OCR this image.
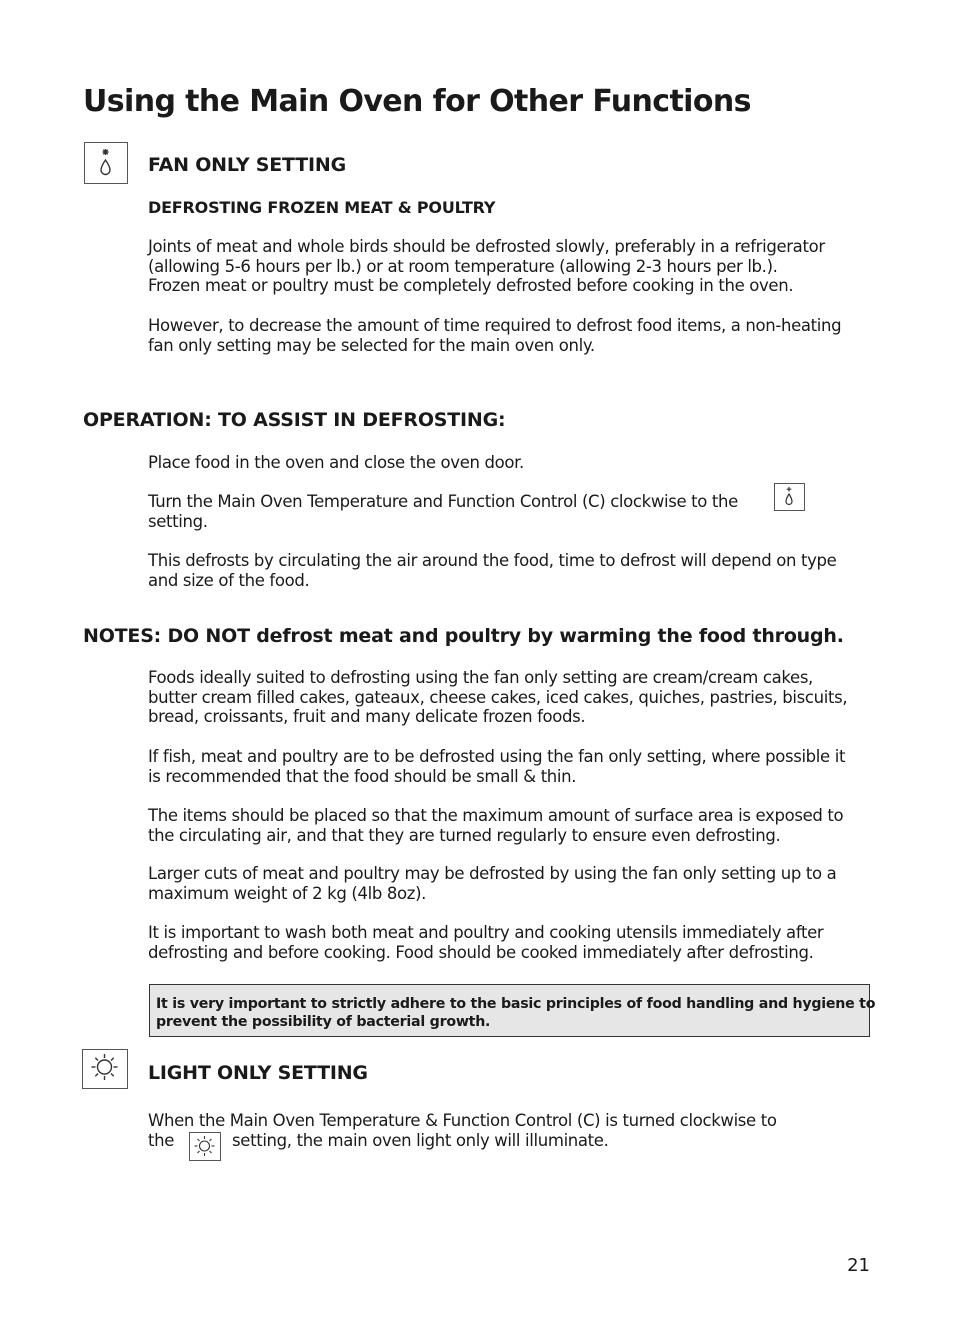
Using the Main Oven for Other Functions
FAN ONLY SETTING
DEFROSTING FROZEN MEAT & POULTRY
Joints of meat and whole birds should be defrosted slowly, preferably in a refrigerator
(allowing 5-6 hours per lb.) or at room temperature (allowing 2-3 hours per lb.).
Frozen meat or poultry must be completely defrosted before cooking in the oven.
However, to decrease the amount of time required to defrost food items, a non-heating
fan only setting may be selected for the main oven only.
OPERATION: TO ASSIST IN DEFROSTING:
Place food in the oven and close the oven door.
Turn the Main Oven Temperature and Function Control (C) clockwise to the
setting.
This defrosts by circulating the air around the food, time to defrost will depend on type
and size of the food.
NOTES: DO NOT defrost meat and poultry by warming the food through.
Foods ideally suited to defrosting using the fan only setting are cream/cream cakes,
butter cream filled cakes, gateaux, cheese cakes, iced cakes, quiches, pastries, biscuits,
bread, croissants, fruit and many delicate frozen foods.
If fish, meat and poultry are to be defrosted using the fan only setting, where possible it
is recommended that the food should be small & thin.
The items should be placed so that the maximum amount of surface area is exposed to
the circulating air, and that they are turned regularly to ensure even defrosting.
Larger cuts of meat and poultry may be defrosted by using the fan only setting up to a
maximum weight of 2 kg (4lb 8oz).
It is important to wash both meat and poultry and cooking utensils immediately after
defrosting and before cooking. Food should be cooked immediately after defrosting.
It is very important to strictly adhere to the basic principles of food handling and hygiene to
prevent the possibility of bacterial growth.
LIGHT ONLY SETTING
When the Main Oven Temperature & Function Control (C) is turned clockwise to
the	setting, the main oven light only will illuminate.
21
